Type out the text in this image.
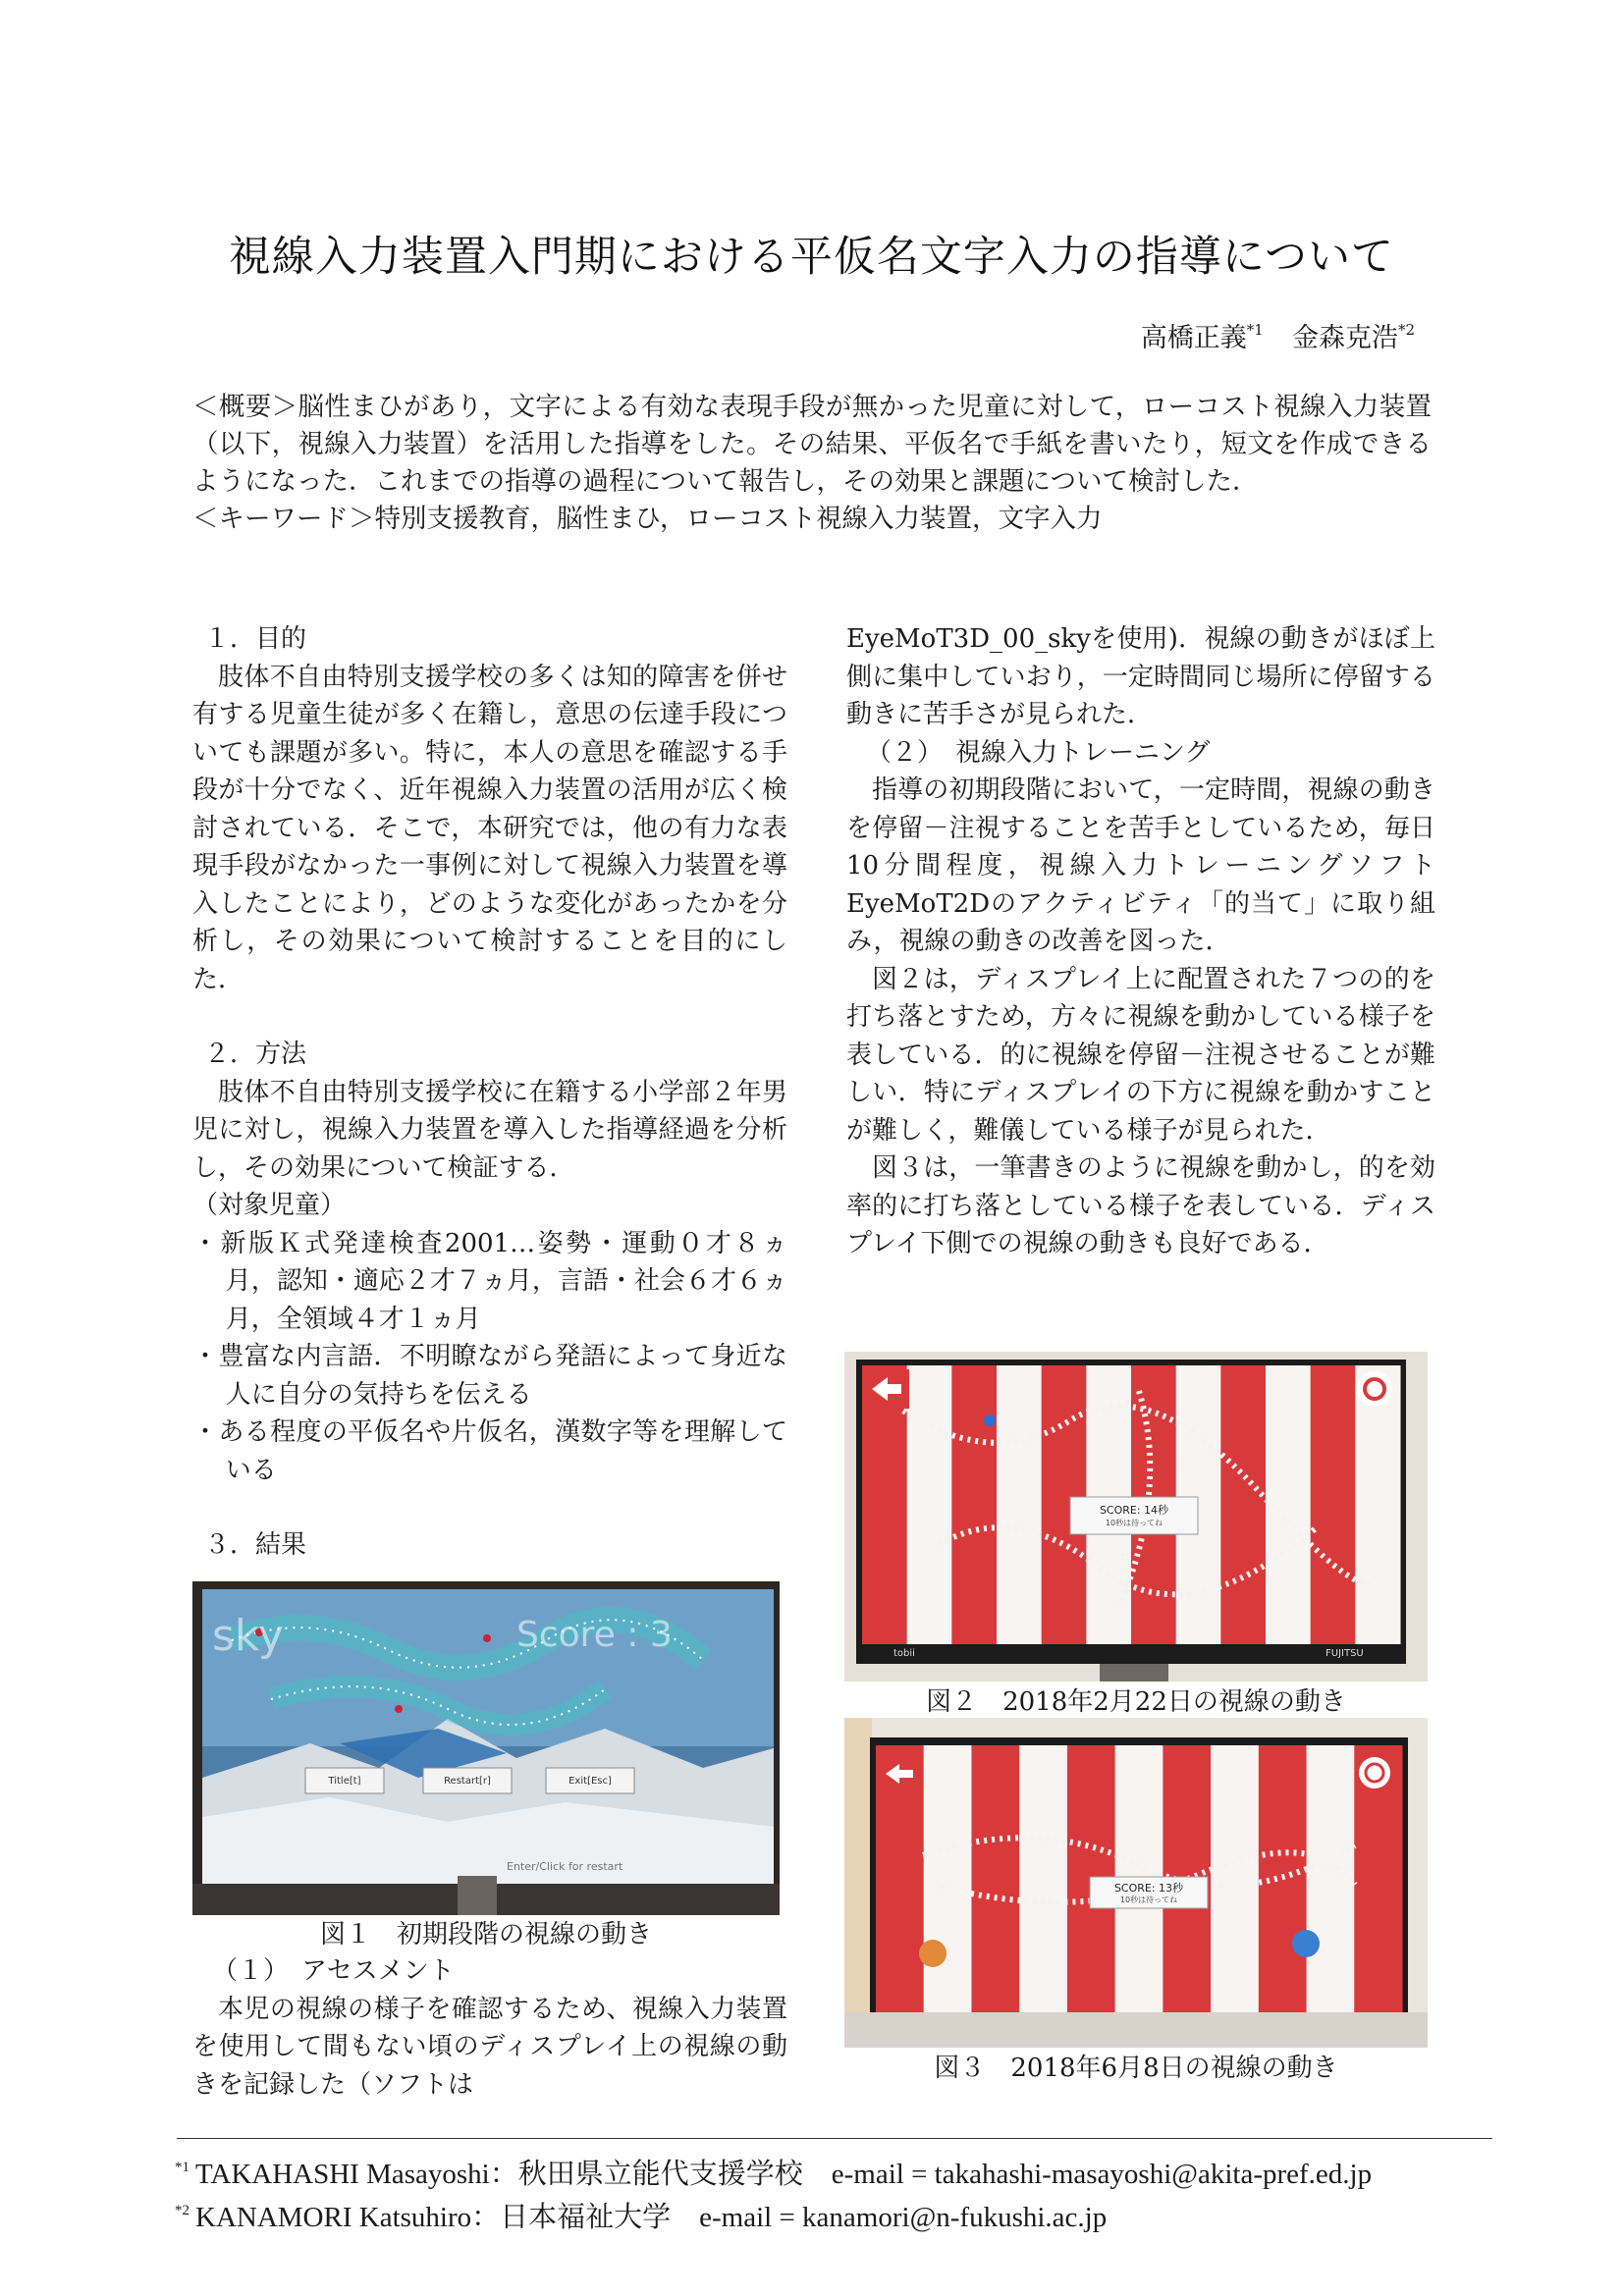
視線入力装置入門期における平仮名文字入力の指導について
高橋正義$^{*1}$ 金森克浩$^{*2}$

＜概要＞脳性まひがあり，文字による有効な表現手段が無かった児童に対して，ローコスト視線入力装置（以下，視線入力装置）を活用した指導をした。その結果、平仮名で手紙を書いたり，短文を作成できるようになった．これまでの指導の過程について報告し，その効果と課題について検討した．

＜キーワード＞特別支援教育，脳性まひ，ローコスト視線入力装置，文字入力

１．目的

肢体不自由特別支援学校の多くは知的障害を併せ有する児童生徒が多く在籍し，意思の伝達手段についても課題が多い。特に，本人の意思を確認する手段が十分でなく、近年視線入力装置の活用が広く検討されている．そこで，本研究では，他の有力な表現手段がなかった一事例に対して視線入力装置を導入したことにより，どのような変化があったかを分析し，その効果について検討することを目的にした．

２．方法

肢体不自由特別支援学校に在籍する小学部２年男児に対し，視線入力装置を導入した指導経過を分析し，その効果について検証する．

（対象児童）

・新版Ｋ式発達検査2001…姿勢・運動０才８ヵ月，認知・適応２才７ヵ月，言語・社会６才６ヵ月，全領域４才１ヵ月

・豊富な内言語．不明瞭ながら発語によって身近な人に自分の気持ちを伝える

・ある程度の平仮名や片仮名，漢数字等を理解している

３．結果

sky	Score : 3
Title[t]	Restart[r]	Exit[Esc]
Enter/Click for restart
図１　初期段階の視線の動き

（１）　アセスメント

本児の視線の様子を確認するため、視線入力装置を使用して間もない頃のディスプレイ上の視線の動きを記録した（ソフトは

EyeMoT3D_00_skyを使用)．視線の動きがほぼ上側に集中していおり，一定時間同じ場所に停留する動きに苦手さが見られた．

（２）　視線入力トレーニング

指導の初期段階において，一定時間，視線の動きを停留－注視することを苦手としているため，毎日10分間程度，視線入力トレーニングソフトEyeMoT2Dのアクティビティ「的当て」に取り組み，視線の動きの改善を図った．

図２は，ディスプレイ上に配置された７つの的を打ち落とすため，方々に視線を動かしている様子を表している．的に視線を停留－注視させることが難しい．特にディスプレイの下方に視線を動かすことが難しく，難儀している様子が見られた．

図３は，一筆書きのように視線を動かし，的を効率的に打ち落としている様子を表している．ディスプレイ下側での視線の動きも良好である．

SCORE: 14秒
10秒は待ってね
tobii	FUJITSU
図２　2018年2月22日の視線の動き
SCORE: 13秒
10秒は待ってね
図３　2018年6月8日の視線の動き
$^{*1}$ TAKAHASHI Masayoshi：秋田県立能代支援学校　e-mail = takahashi-masayoshi@akita-pref.ed.jp
$^{*2}$ KANAMORI Katsuhiro：日本福祉大学　e-mail = kanamori@n-fukushi.ac.jp
